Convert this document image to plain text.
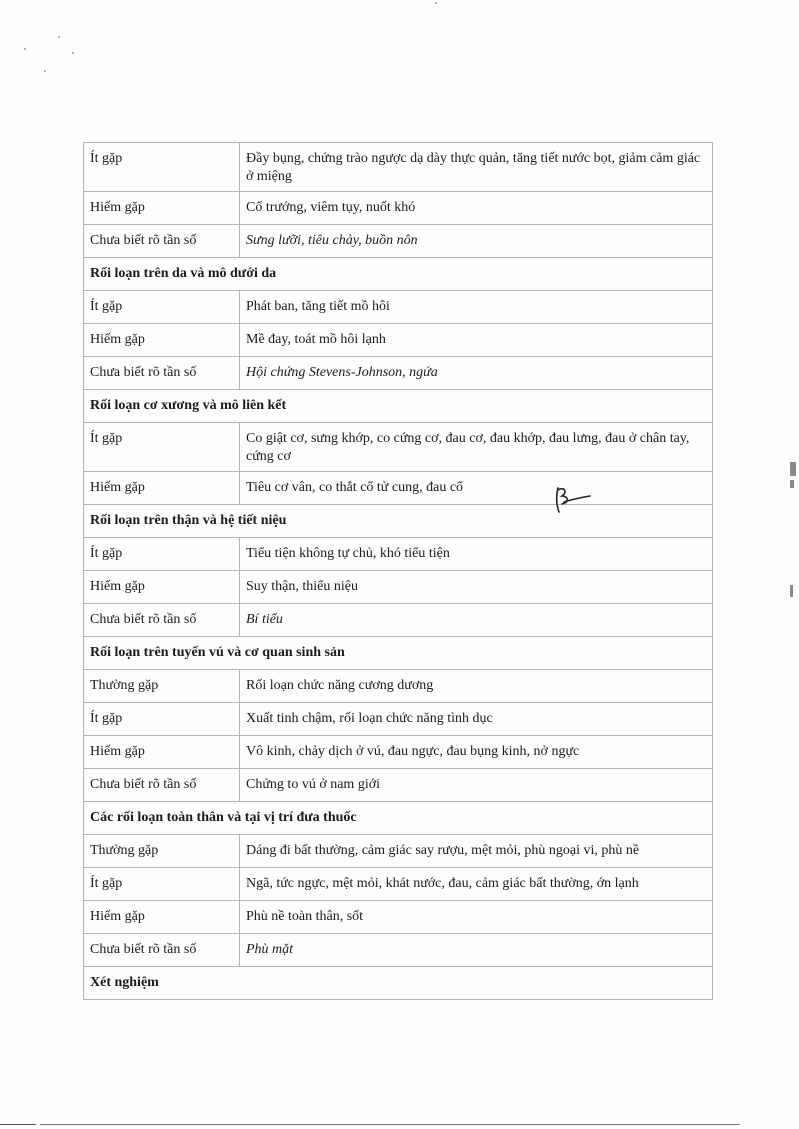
Ít gặp	Đầy bụng, chứng trào ngược dạ dày thực quản, tăng tiết nước bọt, giảm cảm giác ở miệng
Hiếm gặp	Cổ trướng, viêm tụy, nuốt khó
Chưa biết rõ tần số	Sưng lưỡi, tiêu chảy, buồn nôn
Rối loạn trên da và mô dưới da	
Ít gặp	Phát ban, tăng tiết mồ hôi
Hiếm gặp	Mề đay, toát mồ hôi lạnh
Chưa biết rõ tần số	Hội chứng Stevens-Johnson, ngứa
Rối loạn cơ xương và mô liên kết	
Ít gặp	Co giật cơ, sưng khớp, co cứng cơ, đau cơ, đau khớp, đau lưng, đau ở chân tay, cứng cơ
Hiếm gặp	Tiêu cơ vân, co thắt cổ tử cung, đau cổ
Rối loạn trên thận và hệ tiết niệu	
Ít gặp	Tiểu tiện không tự chủ, khó tiểu tiện
Hiếm gặp	Suy thận, thiểu niệu
Chưa biết rõ tần số	Bí tiểu
Rối loạn trên tuyến vú và cơ quan sinh sản	
Thường gặp	Rối loạn chức năng cương dương
Ít gặp	Xuất tinh chậm, rối loạn chức năng tình dục
Hiếm gặp	Vô kinh, chảy dịch ở vú, đau ngực, đau bụng kinh, nở ngực
Chưa biết rõ tần số	Chứng to vú ở nam giới
Các rối loạn toàn thân và tại vị trí đưa thuốc	
Thường gặp	Dáng đi bất thường, cảm giác say rượu, mệt mỏi, phù ngoại vi, phù nề
Ít gặp	Ngã, tức ngực, mệt mỏi, khát nước, đau, cảm giác bất thường, ớn lạnh
Hiếm gặp	Phù nề toàn thân, sốt
Chưa biết rõ tần số	Phù mặt
Xét nghiệm	
